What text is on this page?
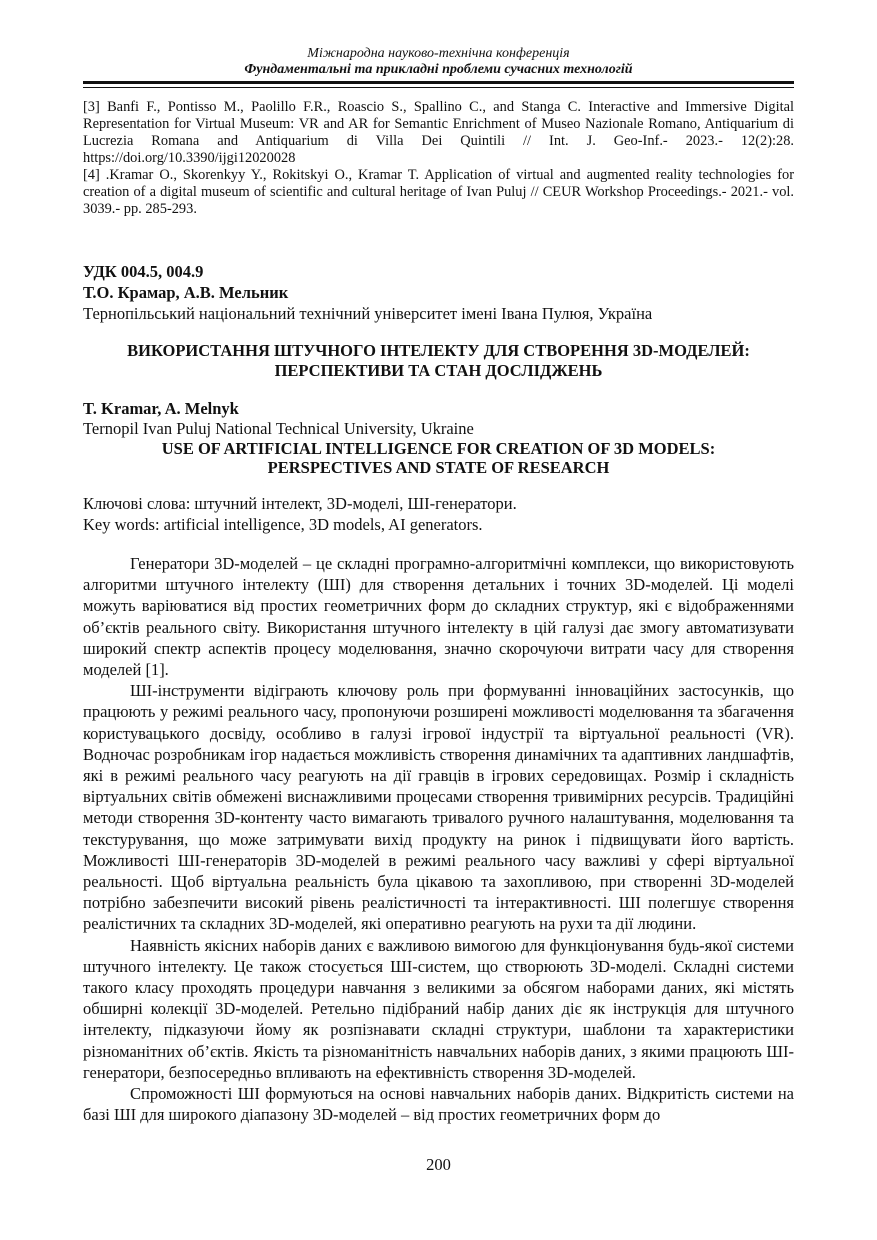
Міжнародна науково-технічна конференція
Фундаментальні та прикладні проблеми сучасних технологій

[3] Banfi F., Pontisso M., Paolillo F.R., Roascio S., Spallino C., and Stanga C. Interactive and Immersive Digital Representation for Virtual Museum: VR and AR for Semantic Enrichment of Museo Nazionale Romano, Antiquarium di Lucrezia Romana and Antiquarium di Villa Dei Quintili // Int. J. Geo-Inf.- 2023.- 12(2):28. https://doi.org/10.3390/ijgi12020028

[4] .Kramar O., Skorenkyy Y., Rokitskyi O., Kramar T. Application of virtual and augmented reality technologies for creation of a digital museum of scientific and cultural heritage of Ivan Puluj // CEUR Workshop Proceedings.- 2021.- vol. 3039.- pp. 285-293.

УДК 004.5, 004.9
Т.О. Крамар, А.В. Мельник
Тернопільський національний технічний університет імені Івана Пулюя, Україна
ВИКОРИСТАННЯ ШТУЧНОГО ІНТЕЛЕКТУ ДЛЯ СТВОРЕННЯ 3D-МОДЕЛЕЙ:
ПЕРСПЕКТИВИ ТА СТАН ДОСЛІДЖЕНЬ
T. Kramar, A. Melnyk
Ternopil Ivan Puluj National Technical University, Ukraine
USE OF ARTIFICIAL INTELLIGENCE FOR CREATION OF 3D MODELS:
PERSPECTIVES AND STATE OF RESEARCH
Ключові слова: штучний інтелект, 3D-моделі, ШІ-генератори.
Key words: artificial intelligence, 3D models, AI generators.

Генератори 3D-моделей – це складні програмно-алгоритмічні комплекси, що використовують алгоритми штучного інтелекту (ШІ) для створення детальних і точних 3D-моделей. Ці моделі можуть варіюватися від простих геометричних форм до складних структур, які є відображеннями об’єктів реального світу. Використання штучного інтелекту в цій галузі дає змогу автоматизувати широкий спектр аспектів процесу моделювання, значно скорочуючи витрати часу для створення моделей [1].

ШІ-інструменти відіграють ключову роль при формуванні інноваційних застосунків, що працюють у режимі реального часу, пропонуючи розширені можливості моделювання та збагачення користувацького досвіду, особливо в галузі ігрової індустрії та віртуальної реальності (VR). Водночас розробникам ігор надається можливість створення динамічних та адаптивних ландшафтів, які в режимі реального часу реагують на дії гравців в ігрових середовищах. Розмір і складність віртуальних світів обмежені виснажливими процесами створення тривимірних ресурсів. Традиційні методи створення 3D-контенту часто вимагають тривалого ручного налаштування, моделювання та текстурування, що може затримувати вихід продукту на ринок і підвищувати його вартість. Можливості ШІ-генераторів 3D-моделей в режимі реального часу важливі у сфері віртуальної реальності. Щоб віртуальна реальність була цікавою та захопливою, при створенні 3D-моделей потрібно забезпечити високий рівень реалістичності та інтерактивності. ШІ полегшує створення реалістичних та складних 3D-моделей, які оперативно реагують на рухи та дії людини.

Наявність якісних наборів даних є важливою вимогою для функціонування будь-якої системи штучного інтелекту. Це також стосується ШІ-систем, що створюють 3D-моделі. Складні системи такого класу проходять процедури навчання з великими за обсягом наборами даних, які містять обширні колекції 3D-моделей. Ретельно підібраний набір даних діє як інструкція для штучного інтелекту, підказуючи йому як розпізнавати складні структури, шаблони та характеристики різноманітних об’єктів. Якість та різноманітність навчальних наборів даних, з якими працюють ШІ-генератори, безпосередньо впливають на ефективність створення 3D-моделей.

Спроможності ШІ формуються на основі навчальних наборів даних. Відкритість системи на базі ШІ для широкого діапазону 3D-моделей – від простих геометричних форм до

200
